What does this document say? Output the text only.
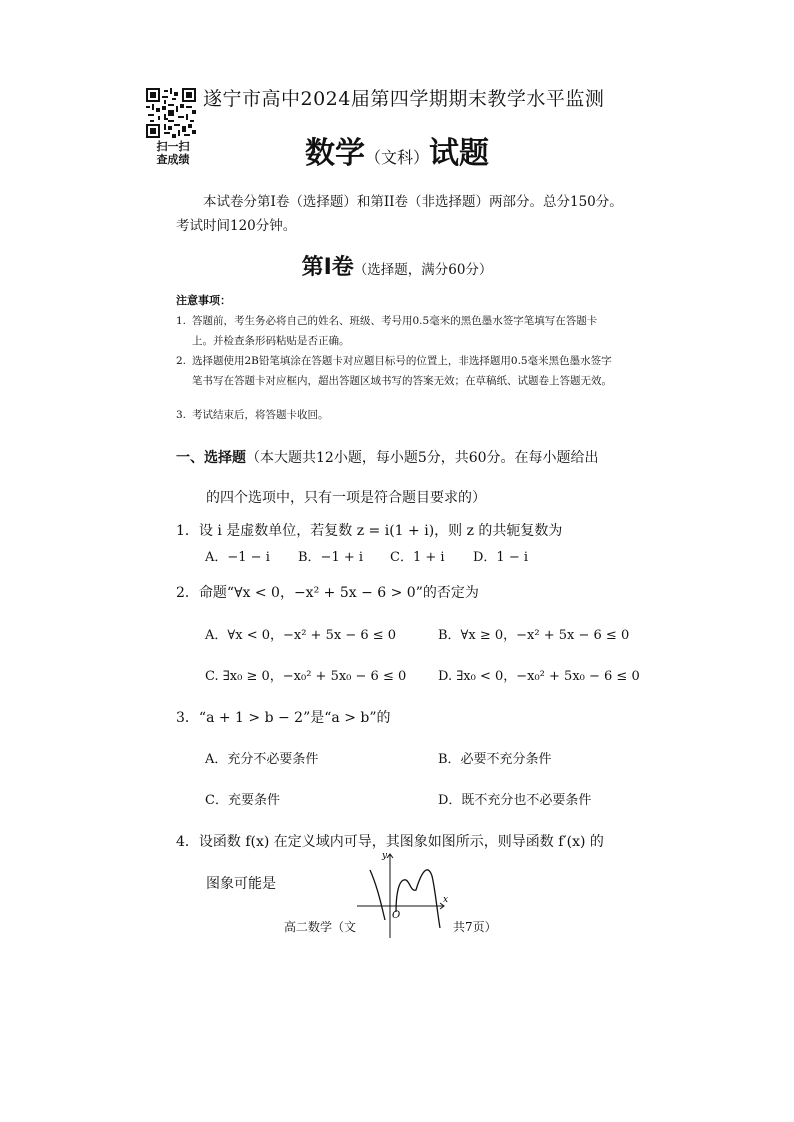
扫一扫
查成绩
遂宁市高中2024届第四学期期末教学水平监测
数学（文科）试题
本试卷分第I卷（选择题）和第II卷（非选择题）两部分。总分150分。考试时间120分钟。
第Ⅰ卷（选择题，满分60分）
注意事项：
1. 答题前，考生务必将自己的姓名、班级、考号用0.5毫米的黑色墨水签字笔填写在答题卡上。并检查条形码粘贴是否正确。
2. 选择题使用2B铅笔填涂在答题卡对应题目标号的位置上，非选择题用0.5毫米黑色墨水签字笔书写在答题卡对应框内，超出答题区域书写的答案无效；在草稿纸、试题卷上答题无效。
3. 考试结束后，将答题卡收回。
一、选择题（本大题共12小题，每小题5分，共60分。在每小题给出
的四个选项中，只有一项是符合题目要求的）
1．设 i 是虚数单位，若复数 z = i(1 + i)，则 z 的共轭复数为
A．−1 − i B．−1 + i C．1 + i D．1 − i
2．命题“∀x < 0，−x² + 5x − 6 > 0”的否定为
A．∀x < 0，−x² + 5x − 6 ≤ 0	B．∀x ≥ 0，−x² + 5x − 6 ≤ 0
C. ∃x₀ ≥ 0，−x₀² + 5x₀ − 6 ≤ 0 D. ∃x₀ < 0，−x₀² + 5x₀ − 6 ≤ 0
3．“a + 1 > b − 2”是“a > b”的
A．充分不必要条件	B．必要不充分条件
C．充要条件	D．既不充分也不必要条件
4．设函数 f(x) 在定义域内可导，其图象如图所示，则导函数 f′(x) 的
图象可能是
y
x
O
高二数学（文	共7页）
